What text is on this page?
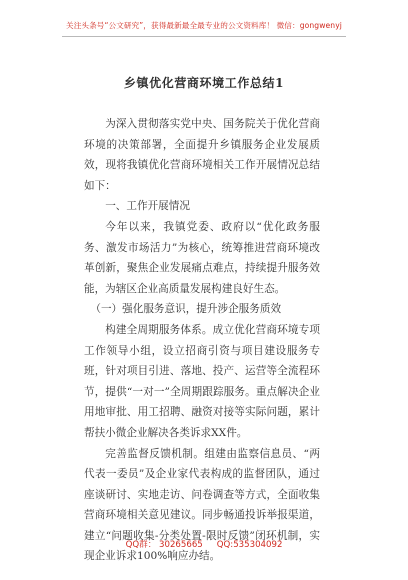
关注头条号“公文研究”，获得最新最全最专业的公文资料库！ 微信：gongwenyj
乡镇优化营商环境工作总结1

为深入贯彻落实党中央、国务院关于优化营商环境的决策部署，全面提升乡镇服务企业发展质效，现将我镇优化营商环境相关工作开展情况总结如下：

一、工作开展情况

今年以来，我镇党委、政府以“优化政务服务、激发市场活力”为核心，统筹推进营商环境改革创新，聚焦企业发展痛点难点，持续提升服务效能，为辖区企业高质量发展构建良好生态。

（一）强化服务意识，提升涉企服务质效

构建全周期服务体系。成立优化营商环境专项工作领导小组，设立招商引资与项目建设服务专班，针对项目引进、落地、投产、运营等全流程环节，提供“一对一”全周期跟踪服务。重点解决企业用地审批、用工招聘、融资对接等实际问题，累计帮扶小微企业解决各类诉求XX件。

完善监督反馈机制。组建由监察信息员、“两代表一委员”及企业家代表构成的监督团队，通过座谈研讨、实地走访、问卷调查等方式，全面收集营商环境相关意见建议。同步畅通投诉举报渠道，建立“问题收集-分类处置-限时反馈”闭环机制，实现企业诉求100%响应办结。

QQ群： 30265665 QQ:535304092
